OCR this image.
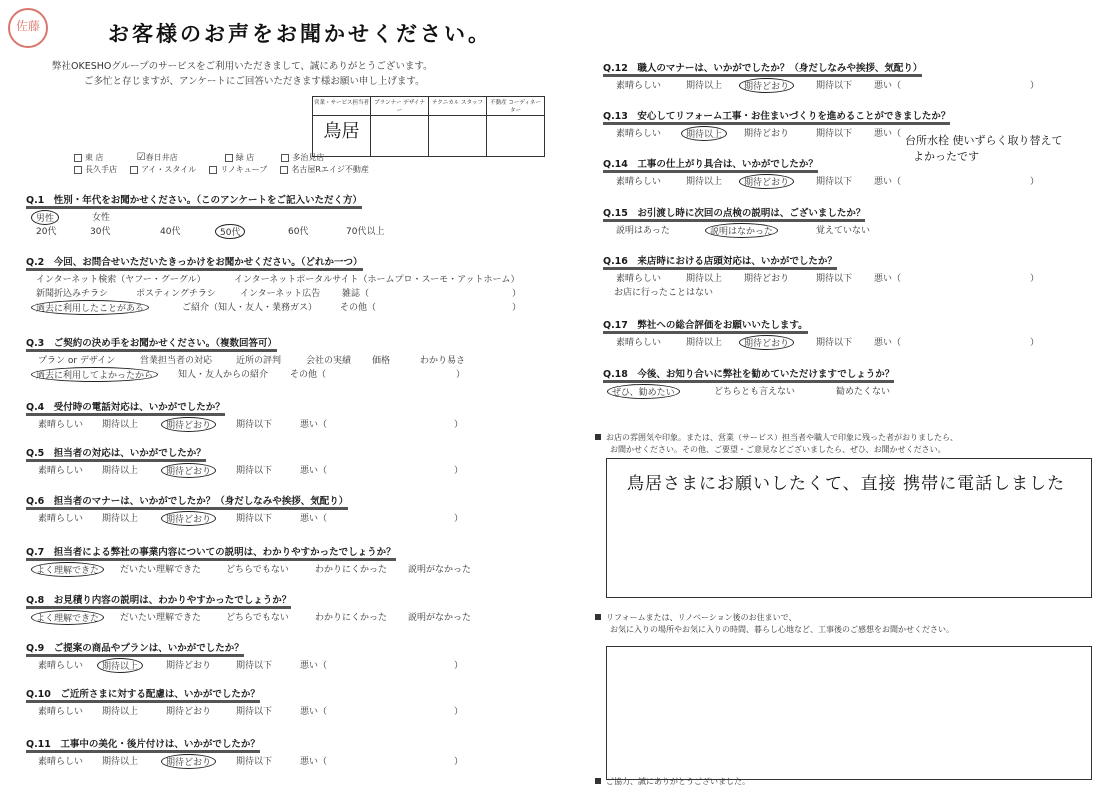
佐藤	お客様のお声をお聞かせください。
弊社OKESHOグループのサービスをご利用いただきまして、誠にありがとうございます。
ご多忙と存じますが、アンケートにご回答いただきます様お願い申し上げます。
営業・サービス担当者	プランナー デザイナー	テクニカル スタッフ	不動産 コーディネーター
鳥居			
東 店	☑春日井店	緑 店	多治見店
長久手店	アイ・スタイル	リノキューブ	名古屋Rエイジ不動産
台所水栓 使いずらく取り替えて
よかったです
お店の雰囲気や印象。または、営業（サービス）担当者や職人で印象に残った者がおりましたら、
お聞かせください。その他、ご要望・ご意見などございましたら、ぜひ、お聞かせください。
鳥居さまにお願いしたくて、直接 携帯に電話しました
リフォームまたは、リノベーション後のお住まいで、
お気に入りの場所やお気に入りの時間、暮らし心地など、工事後のご感想をお聞かせください。
ご協力、誠にありがとうございました。
Q.1　性別・年代をお聞かせください。（このアンケートをご記入いただく方）
男性	女性
20代	30代	40代	50代	60代	70代以上
Q.2　今回、お問合せいただいたきっかけをお聞かせください。（どれか一つ）
インターネット検索（ヤフー・グーグル）	インターネットポータルサイト（ホームプロ・スーモ・アットホーム）
新聞折込みチラシ	ポスティングチラシ	インターネット広告 雑誌（	）
過去に利用したことがある	ご紹介（知人・友人・業務ガス）	その他（	）
Q.3　ご契約の決め手をお聞かせください。（複数回答可）
プラン or デザイン	営業担当者の対応	近所の評判	会社の実績 価格	わかり易さ
過去に利用してよかったから	知人・友人からの紹介 その他（	）
Q.4　受付時の電話対応は、いかがでしたか？
素晴らしい 期待以上	期待どおり	期待以下	悪い（	）
Q.5　担当者の対応は、いかがでしたか？
素晴らしい 期待以上	期待どおり	期待以下	悪い（	）
Q.6　担当者のマナーは、いかがでしたか？（身だしなみや挨拶、気配り）
素晴らしい 期待以上	期待どおり	期待以下	悪い（	）
Q.7　担当者による弊社の事業内容についての説明は、わかりやすかったでしょうか？
よく理解できた	だいたい理解できた	どちらでもない	わかりにくかった 説明がなかった
Q.8　お見積り内容の説明は、わかりやすかったでしょうか？
よく理解できた	だいたい理解できた	どちらでもない	わかりにくかった 説明がなかった
Q.9　ご提案の商品やプランは、いかがでしたか？
素晴らしい	期待以上	期待どおり	期待以下	悪い（	）
Q.10　ご近所さまに対する配慮は、いかがでしたか？
素晴らしい 期待以上	期待どおり	期待以下	悪い（	）
Q.11　工事中の美化・後片付けは、いかがでしたか？
素晴らしい 期待以上	期待どおり	期待以下	悪い（	）
Q.12　職人のマナーは、いかがでしたか？（身だしなみや挨拶、気配り）
素晴らしい	期待以上	期待どおり	期待以下 悪い（	）
Q.13　安心してリフォーム工事・お住まいづくりを進めることができましたか？
素晴らしい	期待以上	期待どおり	期待以下 悪い（
Q.14　工事の仕上がり具合は、いかがでしたか？
素晴らしい	期待以上	期待どおり	期待以下 悪い（	）
Q.15　お引渡し時に次回の点検の説明は、ございましたか？
説明はあった	説明はなかった	覚えていない
Q.16　来店時における店頭対応は、いかがでしたか？
素晴らしい	期待以上 期待どおり	期待以下 悪い（	）
お店に行ったことはない
Q.17　弊社への総合評価をお願いいたします。
素晴らしい	期待以上	期待どおり	期待以下 悪い（	）
Q.18　今後、お知り合いに弊社を勧めていただけますでしょうか？
ぜひ、勧めたい	どちらとも言えない	勧めたくない
